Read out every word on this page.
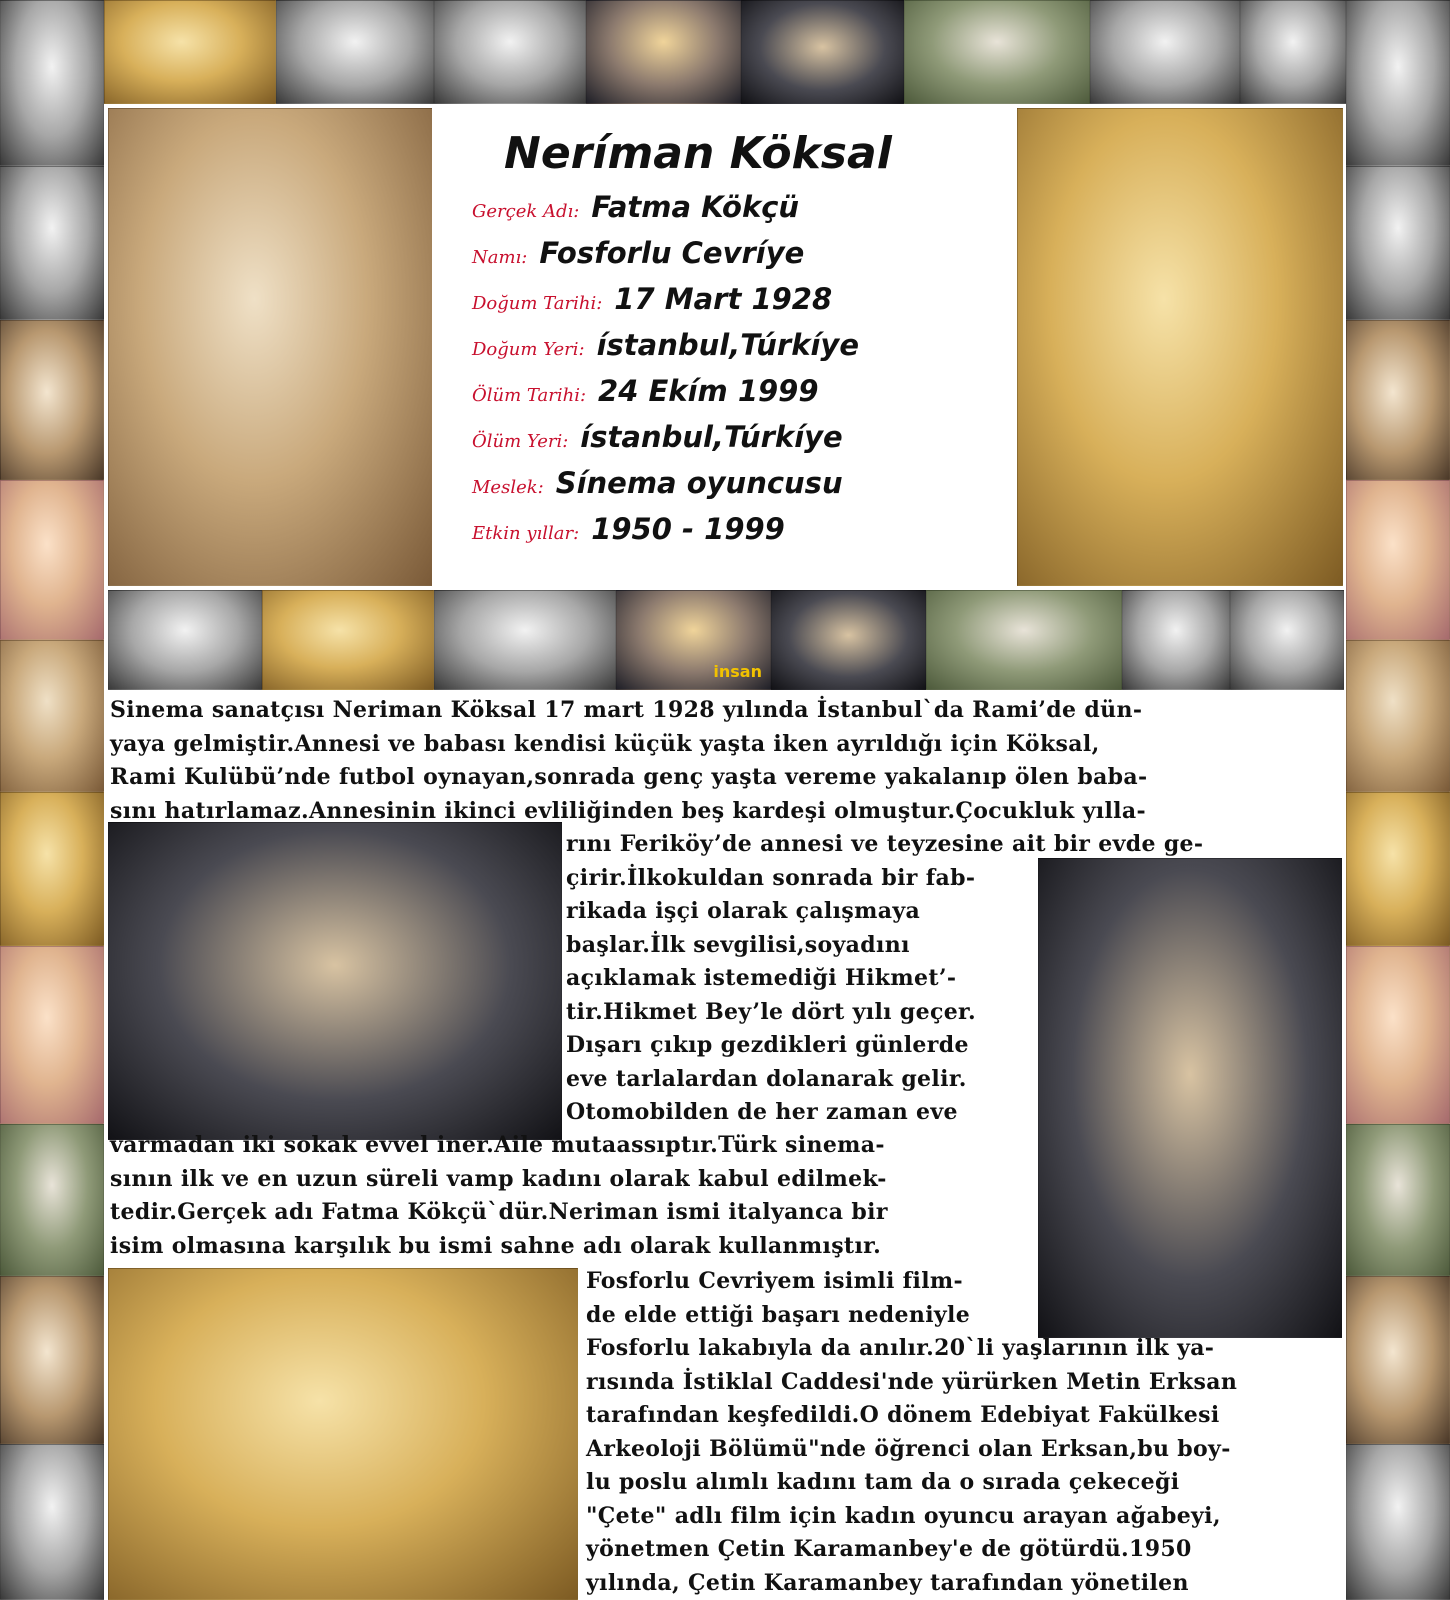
Neríman Köksal
Gerçek Adı: Fatma Kökçü
Namı: Fosforlu Cevríye
Doğum Tarihi: 17 Mart 1928
Doğum Yeri: ístanbul,Túrkíye
Ölüm Tarihi: 24 Ekím 1999
Ölüm Yeri: ístanbul,Túrkíye
Meslek: Sínema oyuncusu
Etkin yıllar: 1950 - 1999
insan
Sinema sanatçısı Neriman Köksal 17 mart 1928 yılında İstanbul`da Rami’de dün-
yaya gelmiştir.Annesi ve babası kendisi küçük yaşta iken ayrıldığı için Köksal,
Rami Kulübü’nde futbol oynayan,sonrada genç yaşta vereme yakalanıp ölen baba-
sını hatırlamaz.Annesinin ikinci evliliğinden beş kardeşi olmuştur.Çocukluk yılla-
rını Feriköy’de annesi ve teyzesine ait bir evde ge-
çirir.İlkokuldan sonrada bir fab-
rikada işçi olarak çalışmaya
başlar.İlk sevgilisi,soyadını
açıklamak istemediği Hikmet’-
tir.Hikmet Bey’le dört yılı geçer.
Dışarı çıkıp gezdikleri günlerde
eve tarlalardan dolanarak gelir.
Otomobilden de her zaman eve
varmadan iki sokak evvel iner.Aile mutaassıptır.Türk sinema-
sının ilk ve en uzun süreli vamp kadını olarak kabul edilmek-
tedir.Gerçek adı Fatma Kökçü`dür.Neriman ismi italyanca bir
isim olmasına karşılık bu ismi sahne adı olarak kullanmıştır.
Fosforlu Cevriyem isimli film-
de elde ettiği başarı nedeniyle
Fosforlu lakabıyla da anılır.20`li yaşlarının ilk ya-
rısında İstiklal Caddesi'nde yürürken Metin Erksan
tarafından keşfedildi.O dönem Edebiyat Fakülkesi
Arkeoloji Bölümü"nde öğrenci olan Erksan,bu boy-
lu poslu alımlı kadını tam da o sırada çekeceği
"Çete" adlı film için kadın oyuncu arayan ağabeyi,
yönetmen Çetin Karamanbey'e de götürdü.1950
yılında, Çetin Karamanbey tarafından yönetilen
